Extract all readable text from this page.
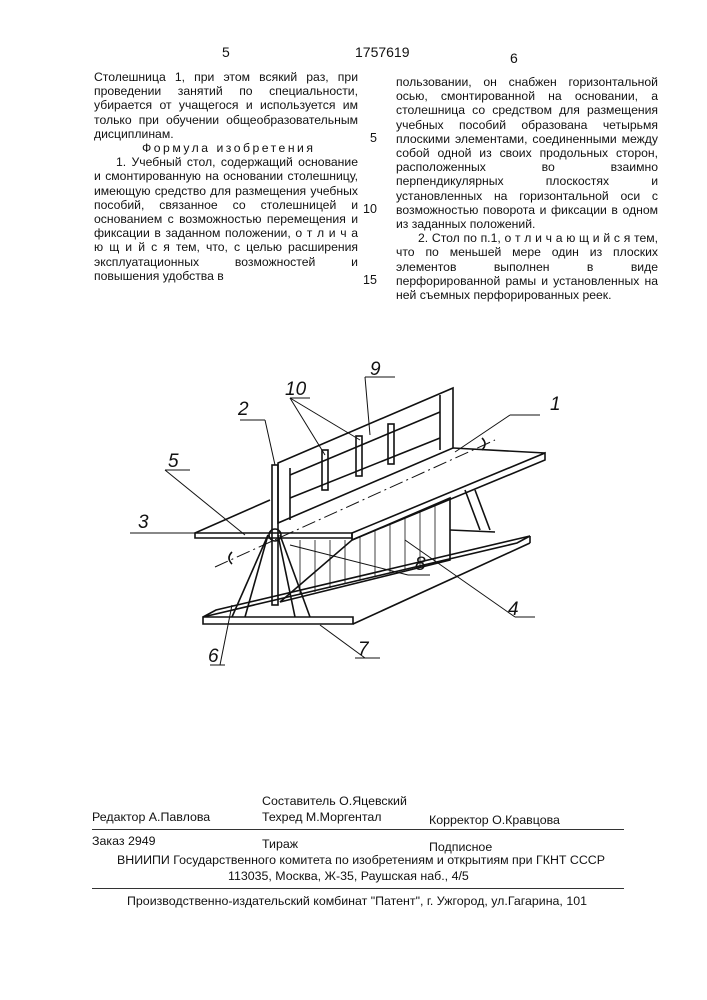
5	1757619	6

Столешница 1, при этом всякий раз, при проведении занятий по специальности, убирается от учащегося и используется им только при обучении общеобразовательным дисциплинам.

Формула изобретения

1. Учебный стол, содержащий основание и смонтированную на основании столешницу, имеющую средство для размещения учебных пособий, связанное со столешницей и основанием с возможностью перемещения и фиксации в заданном положении, о т л и ч а ю щ и й с я тем, что, с целью расширения эксплуатационных возможностей и повышения удобства в

5
10
15

пользовании, он снабжен горизонтальной осью, смонтированной на основании, а столешница со средством для размещения учебных пособий образована четырьмя плоскими элементами, соединенными между собой одной из своих продольных сторон, расположенных во взаимно перпендикулярных плоскостях и установленных на горизонтальной оси с возможностью поворота и фиксации в одном из заданных положений.

2. Стол по п.1, о т л и ч а ю щ и й с я тем, что по меньшей мере один из плоских элементов выполнен в виде перфорированной рамы и установленных на ней съемных перфорированных реек.

1
2
3
4
5
6	7
8
9
10
Редактор А.Павлова
Составитель О.Яцевский
Техред М.Моргентал	Корректор О.Кравцова
Заказ 2949	Тираж	Подписное
ВНИИПИ Государственного комитета по изобретениям и открытиям при ГКНТ СССР
113035, Москва, Ж-35, Раушская наб., 4/5
Производственно-издательский комбинат "Патент", г. Ужгород, ул.Гагарина, 101
